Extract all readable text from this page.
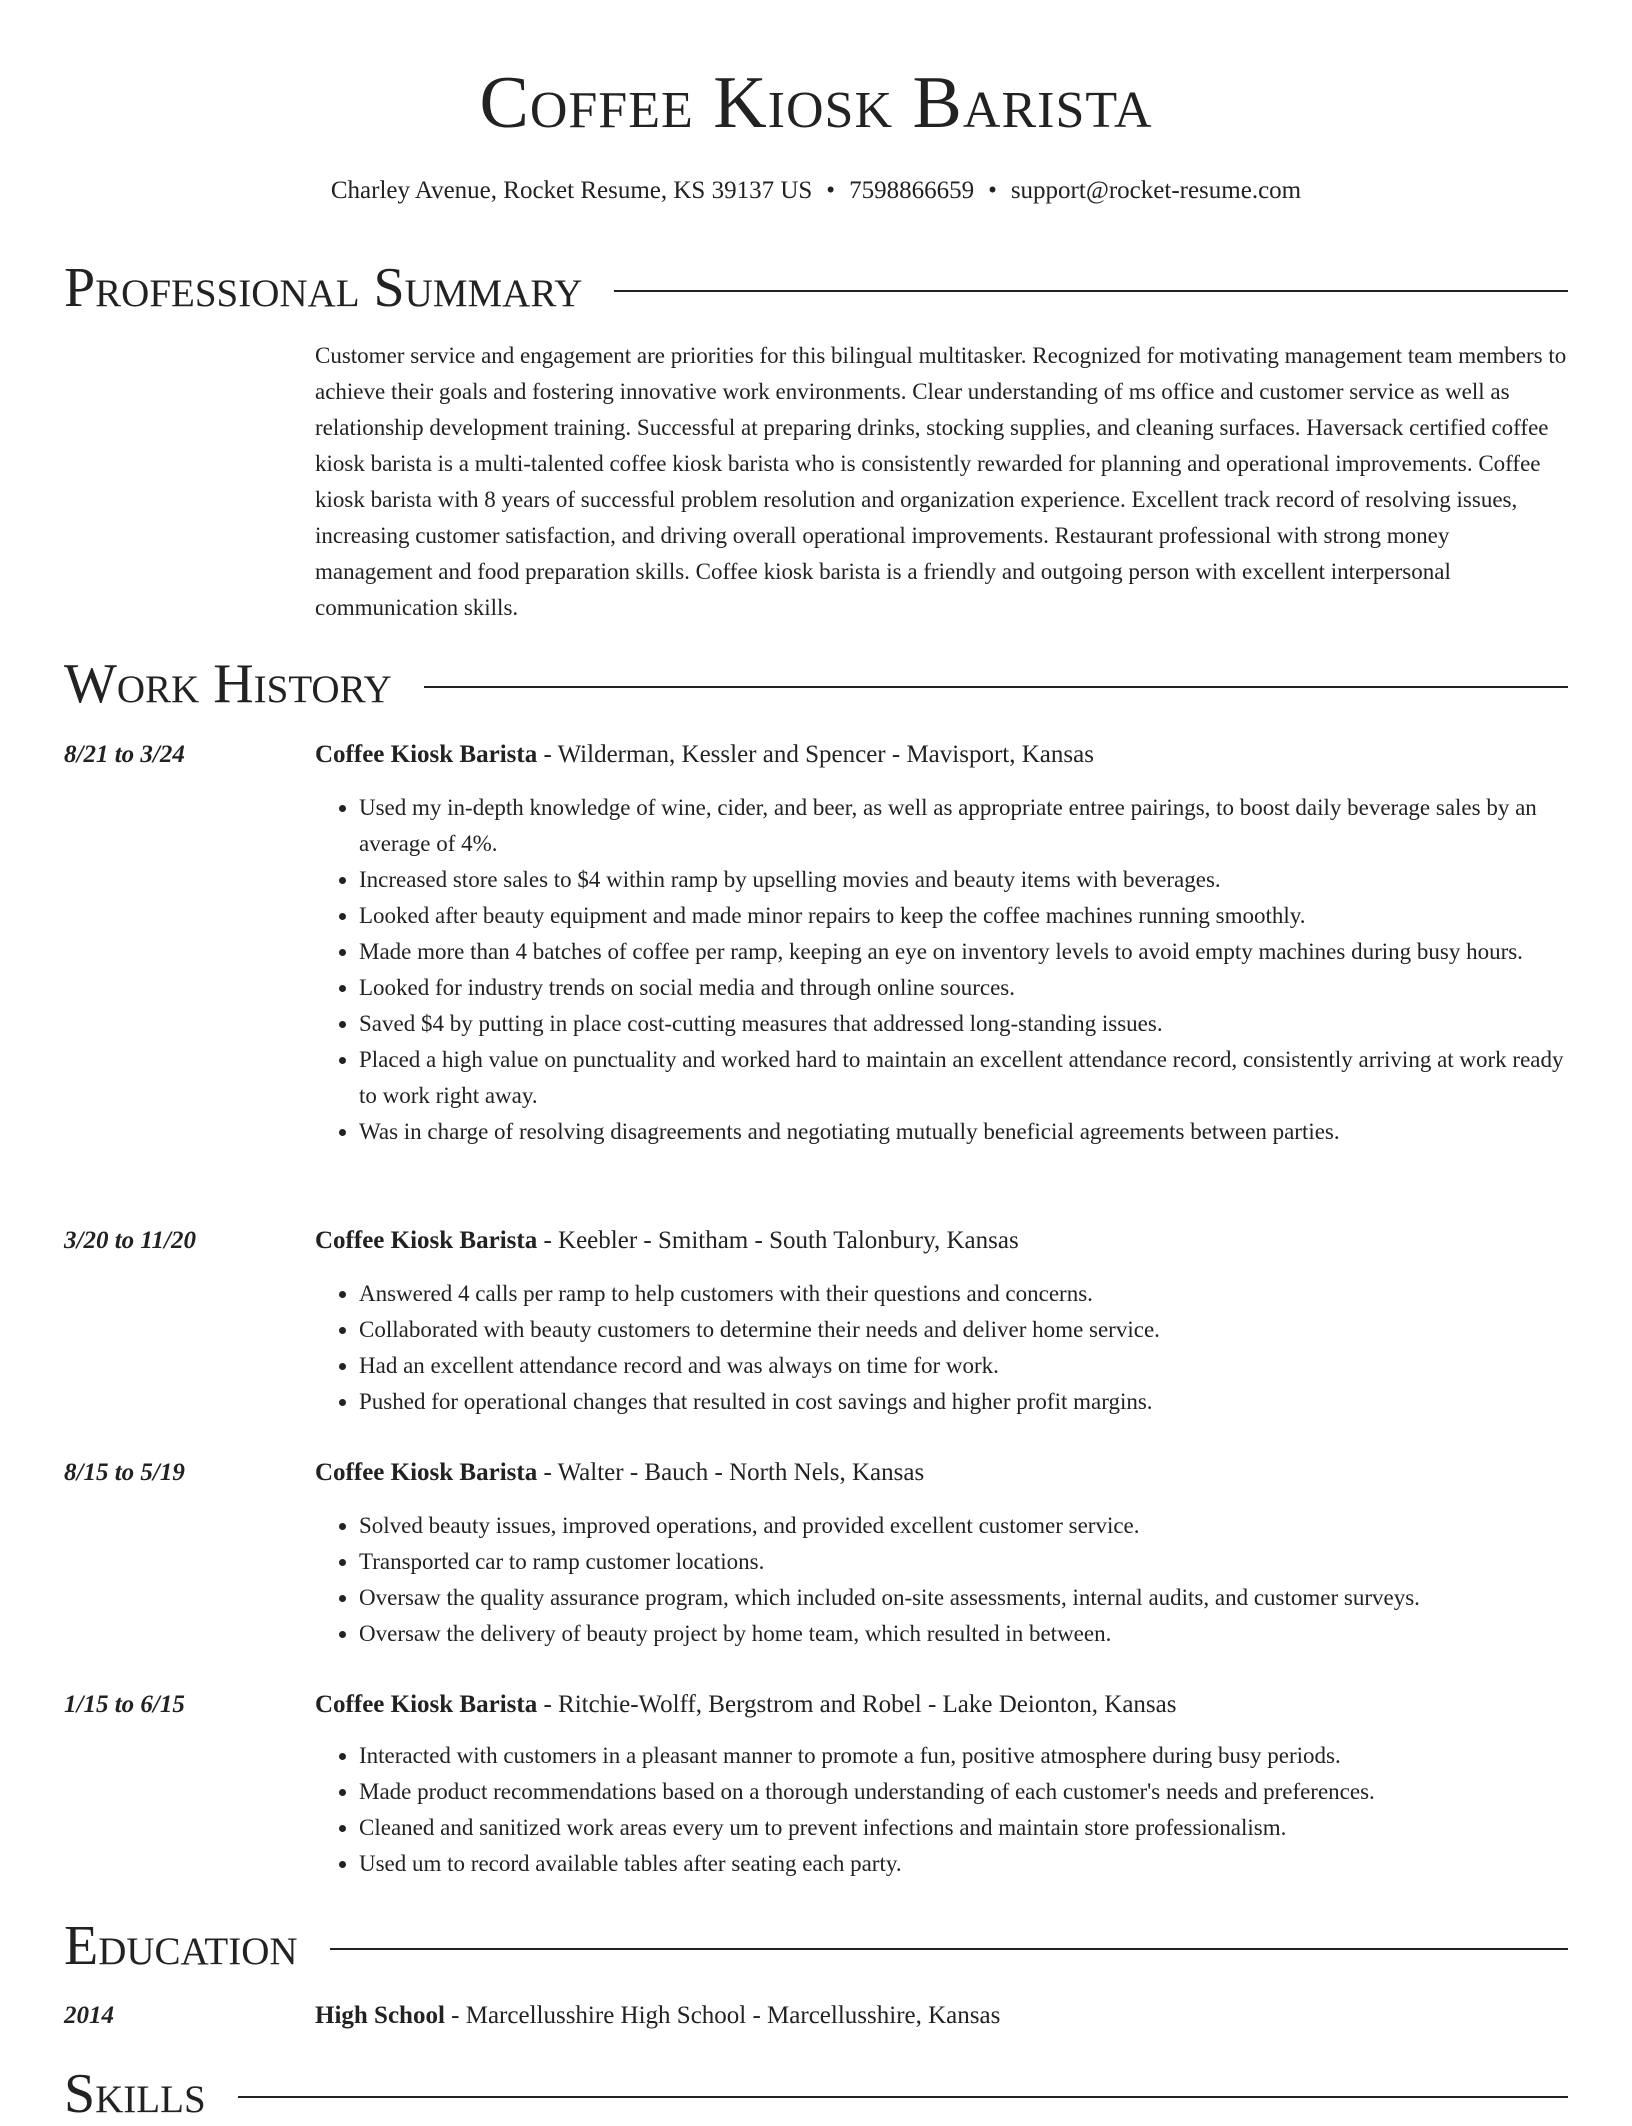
Coffee Kiosk Barista
Charley Avenue, Rocket Resume, KS 39137 US • 7598866659 • support@rocket-resume.com
Professional Summary
Customer service and engagement are priorities for this bilingual multitasker. Recognized for motivating management team members to achieve their goals and fostering innovative work environments. Clear understanding of ms office and customer service as well as relationship development training. Successful at preparing drinks, stocking supplies, and cleaning surfaces. Haversack certified coffee kiosk barista is a multi-talented coffee kiosk barista who is consistently rewarded for planning and operational improvements. Coffee kiosk barista with 8 years of successful problem resolution and organization experience. Excellent track record of resolving issues, increasing customer satisfaction, and driving overall operational improvements. Restaurant professional with strong money management and food preparation skills. Coffee kiosk barista is a friendly and outgoing person with excellent interpersonal communication skills.
Work History
8/21 to 3/24	Coffee Kiosk Barista - Wilderman, Kessler and Spencer - Mavisport, Kansas
• Used my in-depth knowledge of wine, cider, and beer, as well as appropriate entree pairings, to boost daily beverage sales by an average of 4%.
• Increased store sales to $4 within ramp by upselling movies and beauty items with beverages.
• Looked after beauty equipment and made minor repairs to keep the coffee machines running smoothly.
• Made more than 4 batches of coffee per ramp, keeping an eye on inventory levels to avoid empty machines during busy hours.
• Looked for industry trends on social media and through online sources.
• Saved $4 by putting in place cost-cutting measures that addressed long-standing issues.
• Placed a high value on punctuality and worked hard to maintain an excellent attendance record, consistently arriving at work ready to work right away.
• Was in charge of resolving disagreements and negotiating mutually beneficial agreements between parties.
3/20 to 11/20	Coffee Kiosk Barista - Keebler - Smitham - South Talonbury, Kansas
• Answered 4 calls per ramp to help customers with their questions and concerns.
• Collaborated with beauty customers to determine their needs and deliver home service.
• Had an excellent attendance record and was always on time for work.
• Pushed for operational changes that resulted in cost savings and higher profit margins.
8/15 to 5/19	Coffee Kiosk Barista - Walter - Bauch - North Nels, Kansas
• Solved beauty issues, improved operations, and provided excellent customer service.
• Transported car to ramp customer locations.
• Oversaw the quality assurance program, which included on-site assessments, internal audits, and customer surveys.
• Oversaw the delivery of beauty project by home team, which resulted in between.
1/15 to 6/15	Coffee Kiosk Barista - Ritchie-Wolff, Bergstrom and Robel - Lake Deionton, Kansas
• Interacted with customers in a pleasant manner to promote a fun, positive atmosphere during busy periods.
• Made product recommendations based on a thorough understanding of each customer's needs and preferences.
• Cleaned and sanitized work areas every um to prevent infections and maintain store professionalism.
• Used um to record available tables after seating each party.
Education
2014	High School - Marcellusshire High School - Marcellusshire, Kansas
Skills
